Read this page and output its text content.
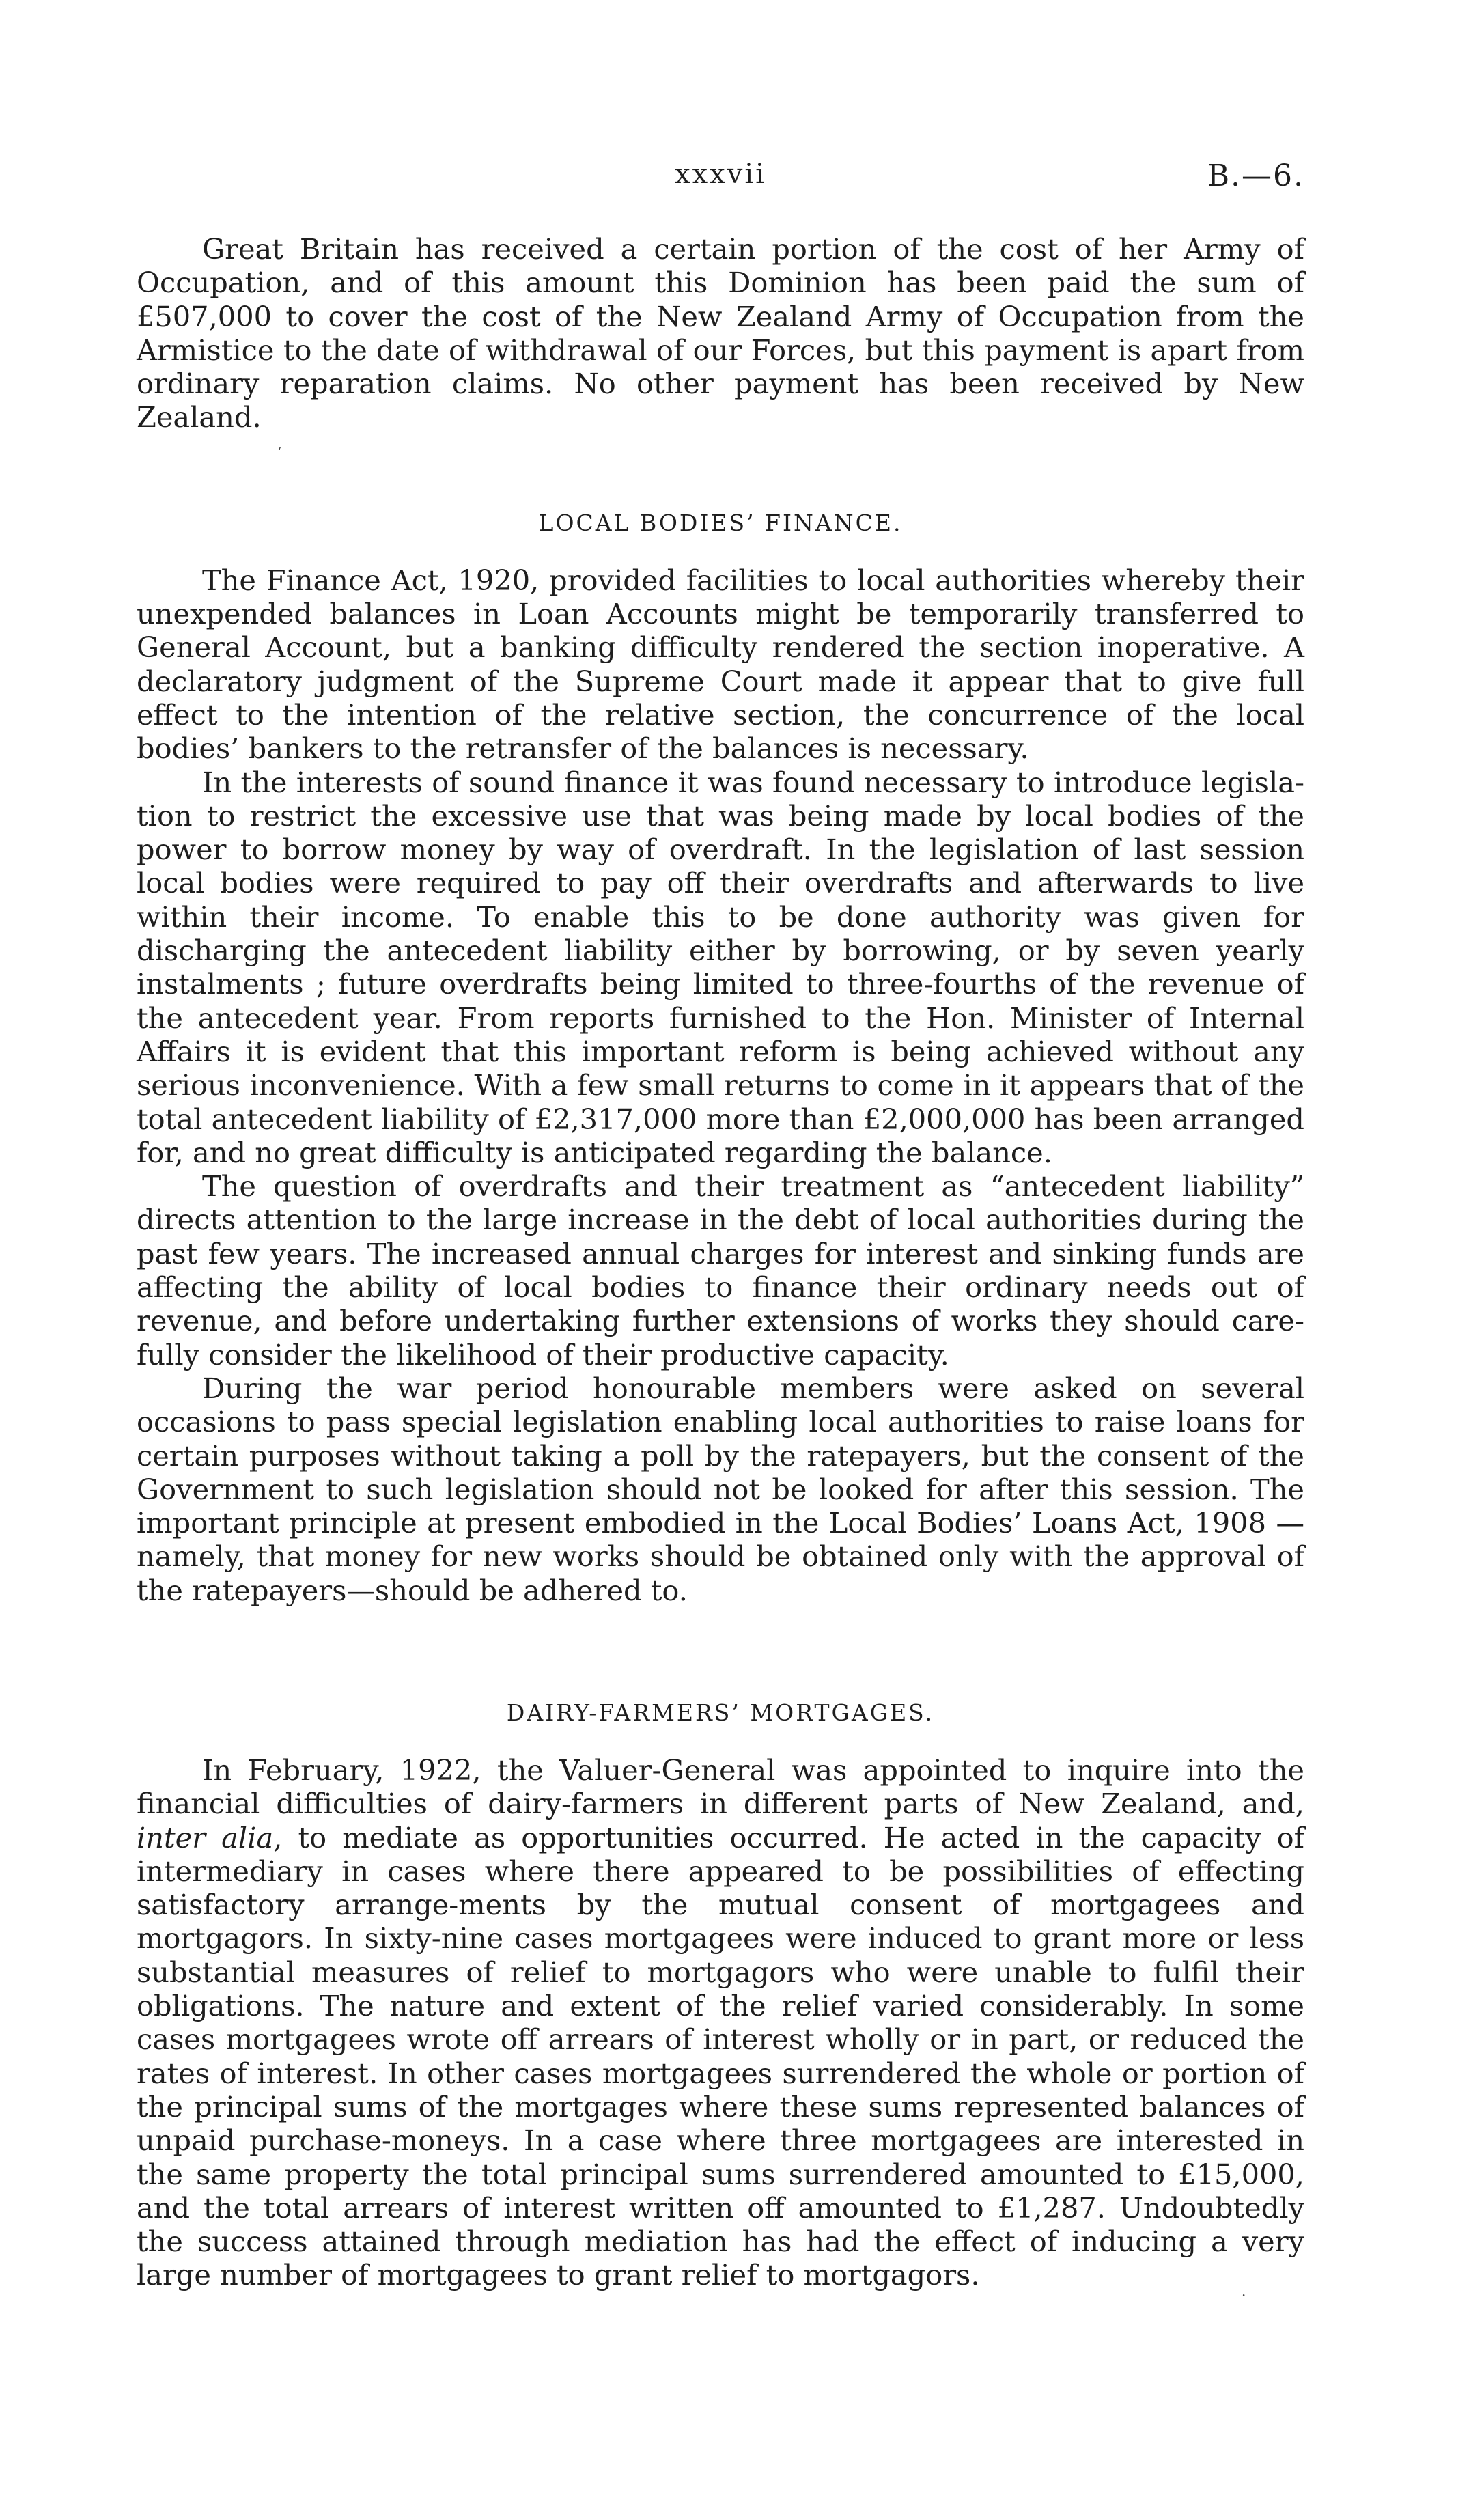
xxxvii	B.—6.
‘

Great Britain has received a certain portion of the cost of her Army of Occupation, and of this amount this Dominion has been paid the sum of £507,000 to cover the cost of the New Zealand Army of Occupation from the Armistice to the date of withdrawal of our Forces, but this payment is apart from ordinary reparation claims. No other payment has been received by New Zealand.

LOCAL BODIES’ FINANCE.

The Finance Act, 1920, provided facilities to local authorities whereby their unexpended balances in Loan Accounts might be temporarily transferred to General Account, but a banking difficulty rendered the section inoperative. A declaratory judgment of the Supreme Court made it appear that to give full effect to the intention of the relative section, the concurrence of the local bodies’ bankers to the retransfer of the balances is necessary.

In the interests of sound finance it was found necessary to introduce legisla-tion to restrict the excessive use that was being made by local bodies of the power to borrow money by way of overdraft. In the legislation of last session local bodies were required to pay off their overdrafts and afterwards to live within their income. To enable this to be done authority was given for discharging the antecedent liability either by borrowing, or by seven yearly instalments ; future overdrafts being limited to three-fourths of the revenue of the antecedent year. From reports furnished to the Hon. Minister of Internal Affairs it is evident that this important reform is being achieved without any serious inconvenience. With a few small returns to come in it appears that of the total antecedent liability of £2,317,000 more than £2,000,000 has been arranged for, and no great difficulty is anticipated regarding the balance.

The question of overdrafts and their treatment as “antecedent liability” directs attention to the large increase in the debt of local authorities during the past few years. The increased annual charges for interest and sinking funds are affecting the ability of local bodies to finance their ordinary needs out of revenue, and before undertaking further extensions of works they should care-fully consider the likelihood of their productive capacity.

During the war period honourable members were asked on several occasions to pass special legislation enabling local authorities to raise loans for certain purposes without taking a poll by the ratepayers, but the consent of the Government to such legislation should not be looked for after this session. The important principle at present embodied in the Local Bodies’ Loans Act, 1908 —namely, that money for new works should be obtained only with the approval of the ratepayers—should be adhered to.

DAIRY-FARMERS’ MORTGAGES.

In February, 1922, the Valuer-General was appointed to inquire into the financial difficulties of dairy-farmers in different parts of New Zealand, and, inter alia, to mediate as opportunities occurred. He acted in the capacity of intermediary in cases where there appeared to be possibilities of effecting satisfactory arrange-ments by the mutual consent of mortgagees and mortgagors. In sixty-nine cases mortgagees were induced to grant more or less substantial measures of relief to mortgagors who were unable to fulfil their obligations. The nature and extent of the relief varied considerably. In some cases mortgagees wrote off arrears of interest wholly or in part, or reduced the rates of interest. In other cases mortgagees surrendered the whole or portion of the principal sums of the mortgages where these sums represented balances of unpaid purchase-moneys. In a case where three mortgagees are interested in the same property the total principal sums surrendered amounted to £15,000, and the total arrears of interest written off amounted to £1,287. Undoubtedly the success attained through mediation has had the effect of inducing a very large number of mortgagees to grant relief to mortgagors.

·
